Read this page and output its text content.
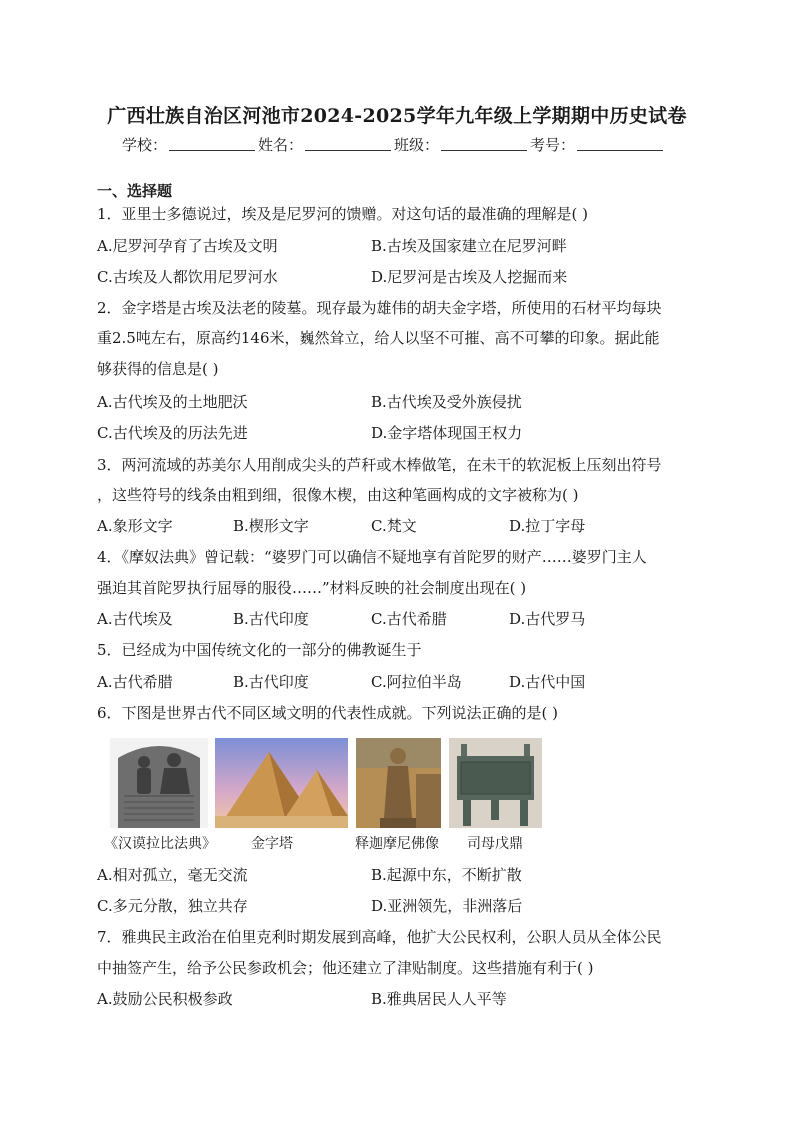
广西壮族自治区河池市2024-2025学年九年级上学期期中历史试卷
学校：	姓名：	班级：	考号：
一、选择题
1．亚里士多德说过，埃及是尼罗河的馈赠。对这句话的最准确的理解是( )
A.尼罗河孕育了古埃及文明	B.古埃及国家建立在尼罗河畔
C.古埃及人都饮用尼罗河水	D.尼罗河是古埃及人挖掘而来
2．金字塔是古埃及法老的陵墓。现存最为雄伟的胡夫金字塔，所使用的石材平均每块
重2.5吨左右，原高约146米，巍然耸立，给人以坚不可摧、高不可攀的印象。据此能
够获得的信息是( )
A.古代埃及的土地肥沃	B.古代埃及受外族侵扰
C.古代埃及的历法先进	D.金字塔体现国王权力
3．两河流域的苏美尔人用削成尖头的芦秆或木棒做笔，在未干的软泥板上压刻出符号
，这些符号的线条由粗到细，很像木楔，由这种笔画构成的文字被称为( )
A.象形文字	B.楔形文字	C.梵文	D.拉丁字母
4．《摩奴法典》曾记载：“婆罗门可以确信不疑地享有首陀罗的财产……婆罗门主人
强迫其首陀罗执行屈辱的服役……”材料反映的社会制度出现在( )
A.古代埃及	B.古代印度	C.古代希腊	D.古代罗马
5．已经成为中国传统文化的一部分的佛教诞生于
A.古代希腊	B.古代印度	C.阿拉伯半岛	D.古代中国
6．下图是世界古代不同区域文明的代表性成就。下列说法正确的是( )
《汉谟拉比法典》	金字塔	释迦摩尼佛像 司母戊鼎
A.相对孤立，毫无交流	B.起源中东，不断扩散
C.多元分散，独立共存	D.亚洲领先，非洲落后
7．雅典民主政治在伯里克利时期发展到高峰，他扩大公民权利，公职人员从全体公民
中抽签产生，给予公民参政机会；他还建立了津贴制度。这些措施有利于( )
A.鼓励公民积极参政	B.雅典居民人人平等
